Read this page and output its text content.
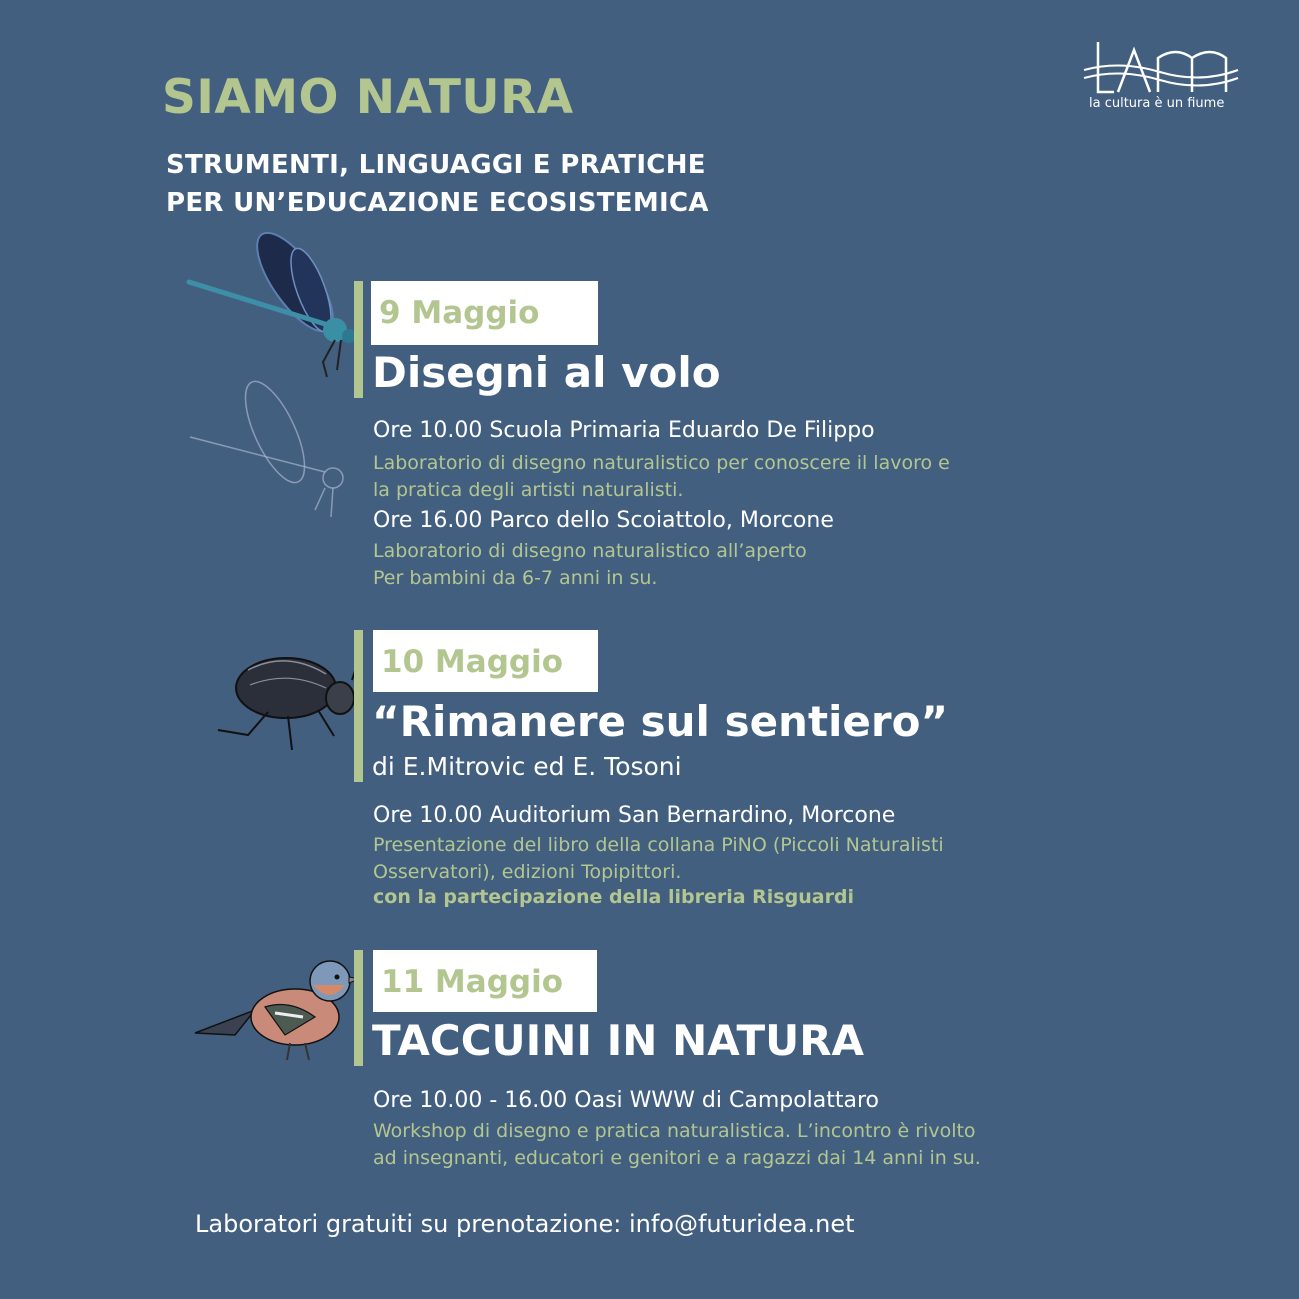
SIAMO NATURA
STRUMENTI, LINGUAGGI E PRATICHE
PER UN’EDUCAZIONE ECOSISTEMICA
LAM
la cultura è un fiume
9 Maggio
Disegni al volo
Ore 10.00 Scuola Primaria Eduardo De Filippo
Laboratorio di disegno naturalistico per conoscere il lavoro e
la pratica degli artisti naturalisti.
Ore 16.00 Parco dello Scoiattolo, Morcone
Laboratorio di disegno naturalistico all’aperto
Per bambini da 6-7 anni in su.
10 Maggio
“Rimanere sul sentiero”
di E.Mitrovic ed E. Tosoni
Ore 10.00 Auditorium San Bernardino, Morcone
Presentazione del libro della collana PiNO (Piccoli Naturalisti
Osservatori), edizioni Topipittori.
con la partecipazione della libreria Risguardi
11 Maggio
TACCUINI IN NATURA
Ore 10.00 - 16.00 Oasi WWW di Campolattaro
Workshop di disegno e pratica naturalistica. L’incontro è rivolto
ad insegnanti, educatori e genitori e a ragazzi dai 14 anni in su.
Laboratori gratuiti su prenotazione: info@futuridea.net
